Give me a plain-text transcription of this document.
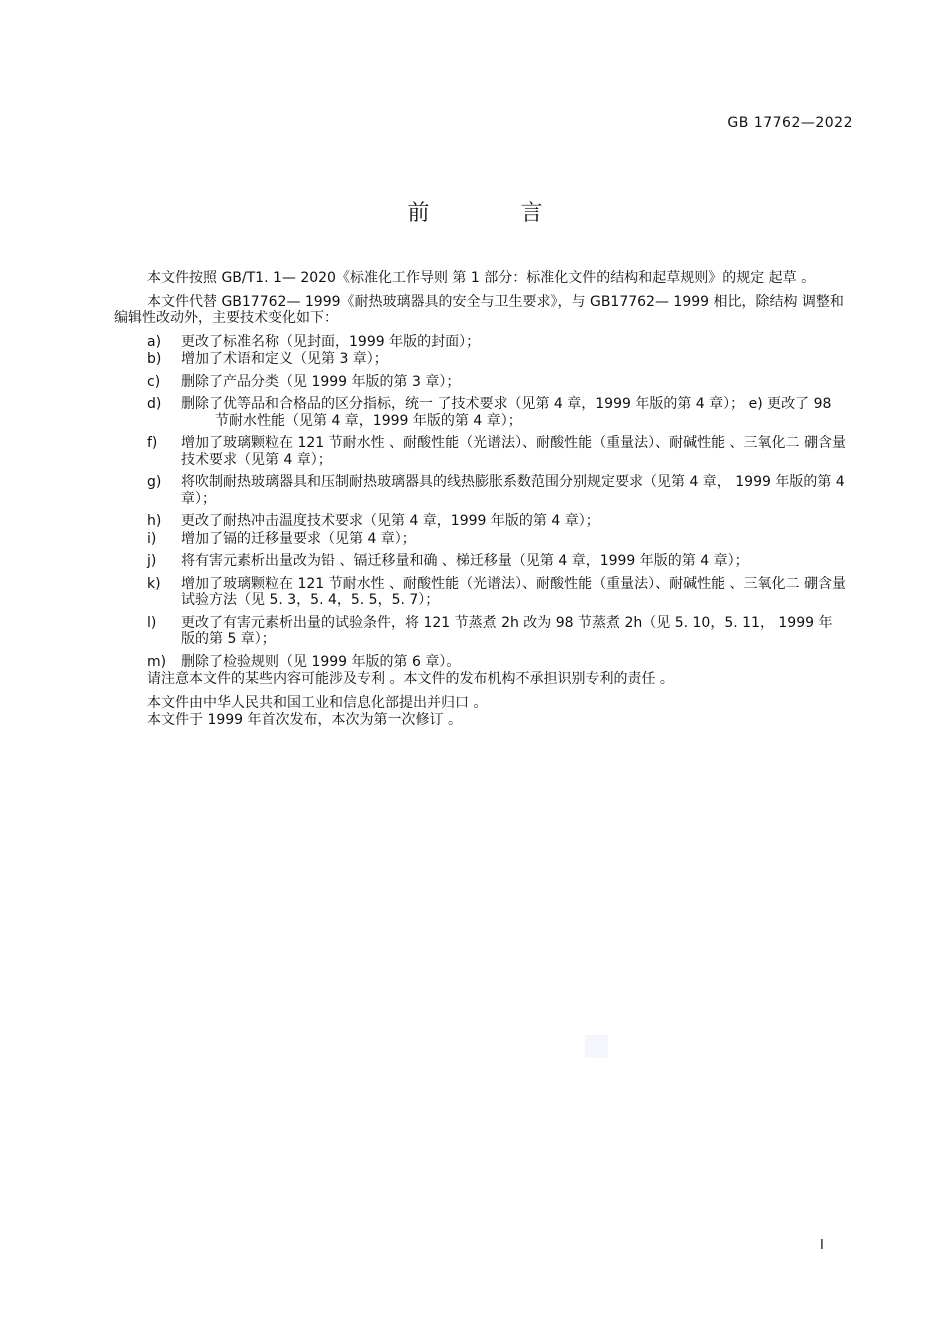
GB 17762—2022
前 言

本文件按照 GB/T1. 1— 2020《标准化工作导则 第 1 部分：标准化文件的结构和起草规则》的规定 起草 。

本文件代替 GB17762— 1999《耐热玻璃器具的安全与卫生要求》，与 GB17762— 1999 相比，除结构 调整和编辑性改动外，主要技术变化如下：

a)	更改了标准名称（见封面，1999 年版的封面）；
b)	增加了术语和定义（见第 3 章）；
c)	删除了产品分类（见 1999 年版的第 3 章）；
d)	删除了优等品和合格品的区分指标，统一 了技术要求（见第 4 章，1999 年版的第 4 章）； e) 更改了 98 节耐水性能（见第 4 章，1999 年版的第 4 章）；
f)	增加了玻璃颗粒在 121 节耐水性 、耐酸性能（光谱法）、耐酸性能（重量法）、耐碱性能 、三氧化二 硼含量技术要求（见第 4 章）；
g)	将吹制耐热玻璃器具和压制耐热玻璃器具的线热膨胀系数范围分别规定要求（见第 4 章， 1999 年版的第 4 章）；
h)	更改了耐热冲击温度技术要求（见第 4 章，1999 年版的第 4 章）；
i)	增加了镉的迁移量要求（见第 4 章）；
j)	将有害元素析出量改为铅 、镉迁移量和确 、梯迁移量（见第 4 章，1999 年版的第 4 章）；
k)	增加了玻璃颗粒在 121 节耐水性 、耐酸性能（光谱法）、耐酸性能（重量法）、耐碱性能 、三氧化二 硼含量试验方法（见 5. 3，5. 4，5. 5，5. 7）；
l)	更改了有害元素析出量的试验条件，将 121 节蒸煮 2h 改为 98 节蒸煮 2h（见 5. 10，5. 11， 1999 年版的第 5 章）；
m)	删除了检验规则（见 1999 年版的第 6 章）。

请注意本文件的某些内容可能涉及专利 。本文件的发布机构不承担识别专利的责任 。

本文件由中华人民共和国工业和信息化部提出并归口 。

本文件于 1999 年首次发布，本次为第一次修订 。

I
